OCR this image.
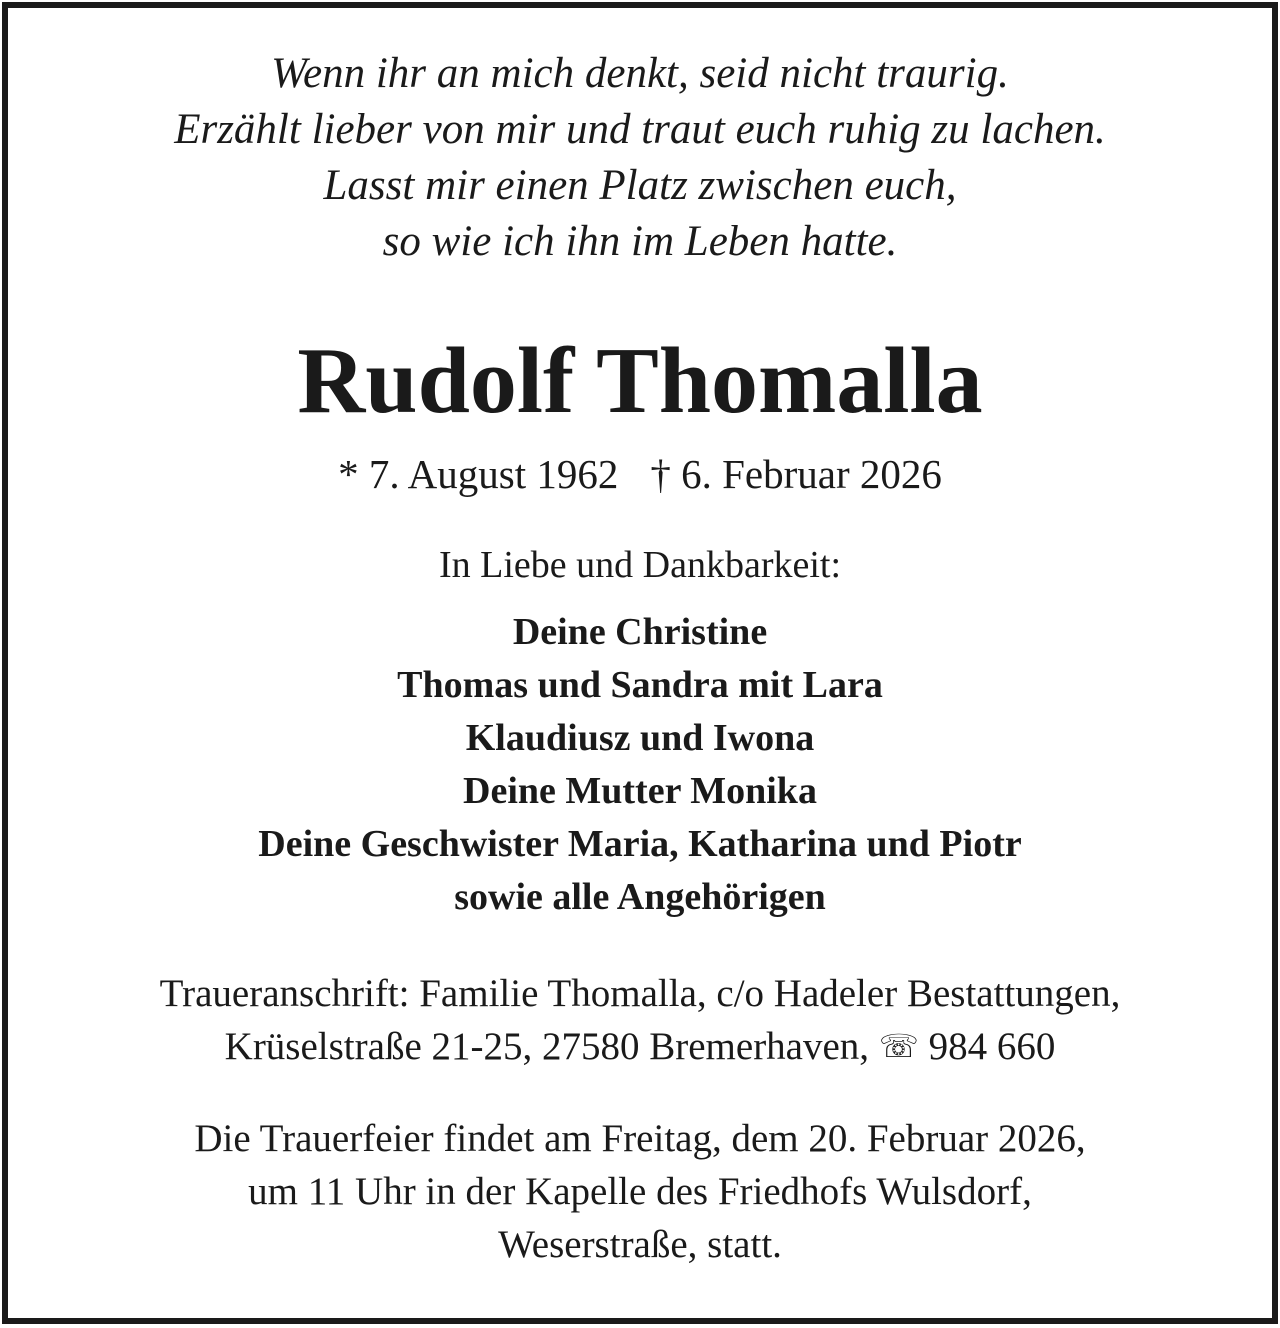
Wenn ihr an mich denkt, seid nicht traurig.
Erzählt lieber von mir und traut euch ruhig zu lachen.
Lasst mir einen Platz zwischen euch,
so wie ich ihn im Leben hatte.
Rudolf Thomalla
* 7. August 1962 † 6. Februar 2026
In Liebe und Dankbarkeit:
Deine Christine
Thomas und Sandra mit Lara
Klaudiusz und Iwona
Deine Mutter Monika
Deine Geschwister Maria, Katharina und Piotr
sowie alle Angehörigen
Traueranschrift: Familie Thomalla, c/o Hadeler Bestattungen,
Krüselstraße 21-25, 27580 Bremerhaven, ☏ 984 660
Die Trauerfeier findet am Freitag, dem 20. Februar 2026,
um 11 Uhr in der Kapelle des Friedhofs Wulsdorf,
Weserstraße, statt.
